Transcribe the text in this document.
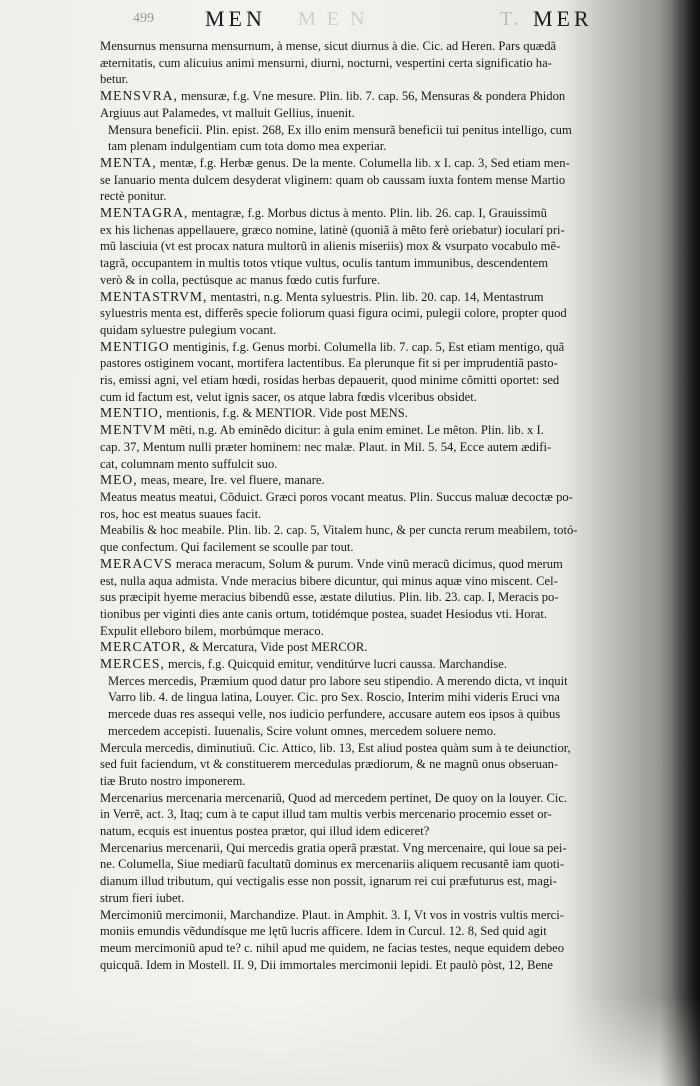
499 MEN M E N	T. MER

Mensurnus mensurna mensurnum, à mense, sicut diurnus à die. Cic. ad Heren. Pars quædã
æternitatis, cum alicuius animi mensurni, diurni, nocturni, vespertini certa significatio ha-
betur.

MENSVRA, mensuræ, f.g. Vne mesure. Plin. lib. 7. cap. 56, Mensuras & pondera Phidon
Argiuus aut Palamedes, vt malluit Gellius, inuenit.

Mensura beneficii. Plin. epist. 268, Ex illo enim mensurã beneficii tui penitus intelligo, cum
tam plenam indulgentiam cum tota domo mea experiar.

MENTA, mentæ, f.g. Herbæ genus. De la mente. Columella lib. x I. cap. 3, Sed etiam men-
se Ianuario menta dulcem desyderat vliginem: quam ob caussam iuxta fontem mense Martio
rectè ponitur.

MENTAGRA, mentagræ, f.g. Morbus dictus à mento. Plin. lib. 26. cap. I, Grauissimũ
ex his lichenas appellauere, græco nomine, latinè (quoniã à mẽto ferè oriebatur) iocularí pri-
mũ lasciuia (vt est procax natura multorũ in alienis miseriis) mox & vsurpato vocabulo mẽ-
tagrã, occupantem in multis totos vtique vultus, oculis tantum immunibus, descendentem
verò & in colla, pectúsque ac manus fœdo cutis furfure.

MENTASTRVM, mentastri, n.g. Menta syluestris. Plin. lib. 20. cap. 14, Mentastrum
syluestris menta est, differẽs specie foliorum quasi figura ocimi, pulegii colore, propter quod
quidam syluestre pulegium vocant.

MENTIGO mentiginis, f.g. Genus morbi. Columella lib. 7. cap. 5, Est etiam mentigo, quã
pastores ostiginem vocant, mortifera lactentibus. Ea plerunque fit si per imprudentiã pasto-
ris, emissi agni, vel etiam hœdi, rosidas herbas depauerit, quod minime cõmitti oportet: sed
cum id factum est, velut ignis sacer, os atque labra fœdis vlceribus obsidet.

MENTIO, mentionis, f.g. & MENTIOR. Vide post MENS.

MENTVM mẽti, n.g. Ab eminẽdo dicitur: à gula enim eminet. Le mẽton. Plin. lib. x I.
cap. 37, Mentum nulli præter hominem: nec malæ. Plaut. in Mil. 5. 54, Ecce autem ædifi-
cat, columnam mento suffulcit suo.

MEO, meas, meare, Ire. vel fluere, manare.

Meatus meatus meatui, Cõduict. Græci poros vocant meatus. Plin. Succus maluæ decoctæ po-
ros, hoc est meatus suaues facit.

Meabilis & hoc meabile. Plin. lib. 2. cap. 5, Vitalem hunc, & per cuncta rerum meabilem, totó-
que confectum. Qui facilement se scoulle par tout.

MERACVS meraca meracum, Solum & purum. Vnde vinũ meracũ dicimus, quod merum
est, nulla aqua admista. Vnde meracius bibere dicuntur, qui minus aquæ vino miscent. Cel-
sus præcipit hyeme meracius bibendũ esse, æstate dilutius. Plin. lib. 23. cap. I, Meracis po-
tionibus per viginti dies ante canis ortum, totidémque postea, suadet Hesiodus vti. Horat.
Expulit elleboro bilem, morbúmque meraco.

MERCATOR, & Mercatura, Vide post MERCOR.

MERCES, mercis, f.g. Quicquid emitur, venditúrve lucri caussa. Marchandise.

Merces mercedis, Præmium quod datur pro labore seu stipendio. A merendo dicta, vt inquit
Varro lib. 4. de lingua latina, Louyer. Cic. pro Sex. Roscio, Interim mihi videris Eruci vna
mercede duas res assequi velle, nos iudicio perfundere, accusare autem eos ipsos à quibus
mercedem accepisti. Iuuenalis, Scire volunt omnes, mercedem soluere nemo.

Mercula mercedis, diminutiuũ. Cic. Attico, lib. 13, Est aliud postea quàm sum à te deiunctior,
sed fuit faciendum, vt & constituerem mercedulas prædiorum, & ne magnũ onus obseruan-
tiæ Bruto nostro imponerem.

Mercenarius mercenaria mercenariũ, Quod ad mercedem pertinet, De quoy on la louyer. Cic.
in Verrẽ, act. 3, Itaq; cum à te caput illud tam multis verbis mercenario procemio esset or-
natum, ecquis est inuentus postea prætor, qui illud idem ediceret?

Mercenarius mercenarii, Qui mercedis gratia operã præstat. Vng mercenaire, qui loue sa pei-
ne. Columella, Siue mediarũ facultatũ dominus ex mercenariis aliquem recusantẽ iam quoti-
dianum illud tributum, qui vectigalis esse non possit, ignarum rei cui præfuturus est, magi-
strum fieri iubet.

Mercimoniũ mercimonii, Marchandize. Plaut. in Amphit. 3. I, Vt vos in vostris vultis merci-
moniis emundis vẽdundísque me lętũ lucris afficere. Idem in Curcul. 12. 8, Sed quid agit
meum mercimoniũ apud te? c. nihil apud me quidem, ne facias testes, neque equidem debeo
quicquã. Idem in Mostell. II. 9, Dii immortales mercimonii lepidi. Et paulò pòst, 12, Bene
